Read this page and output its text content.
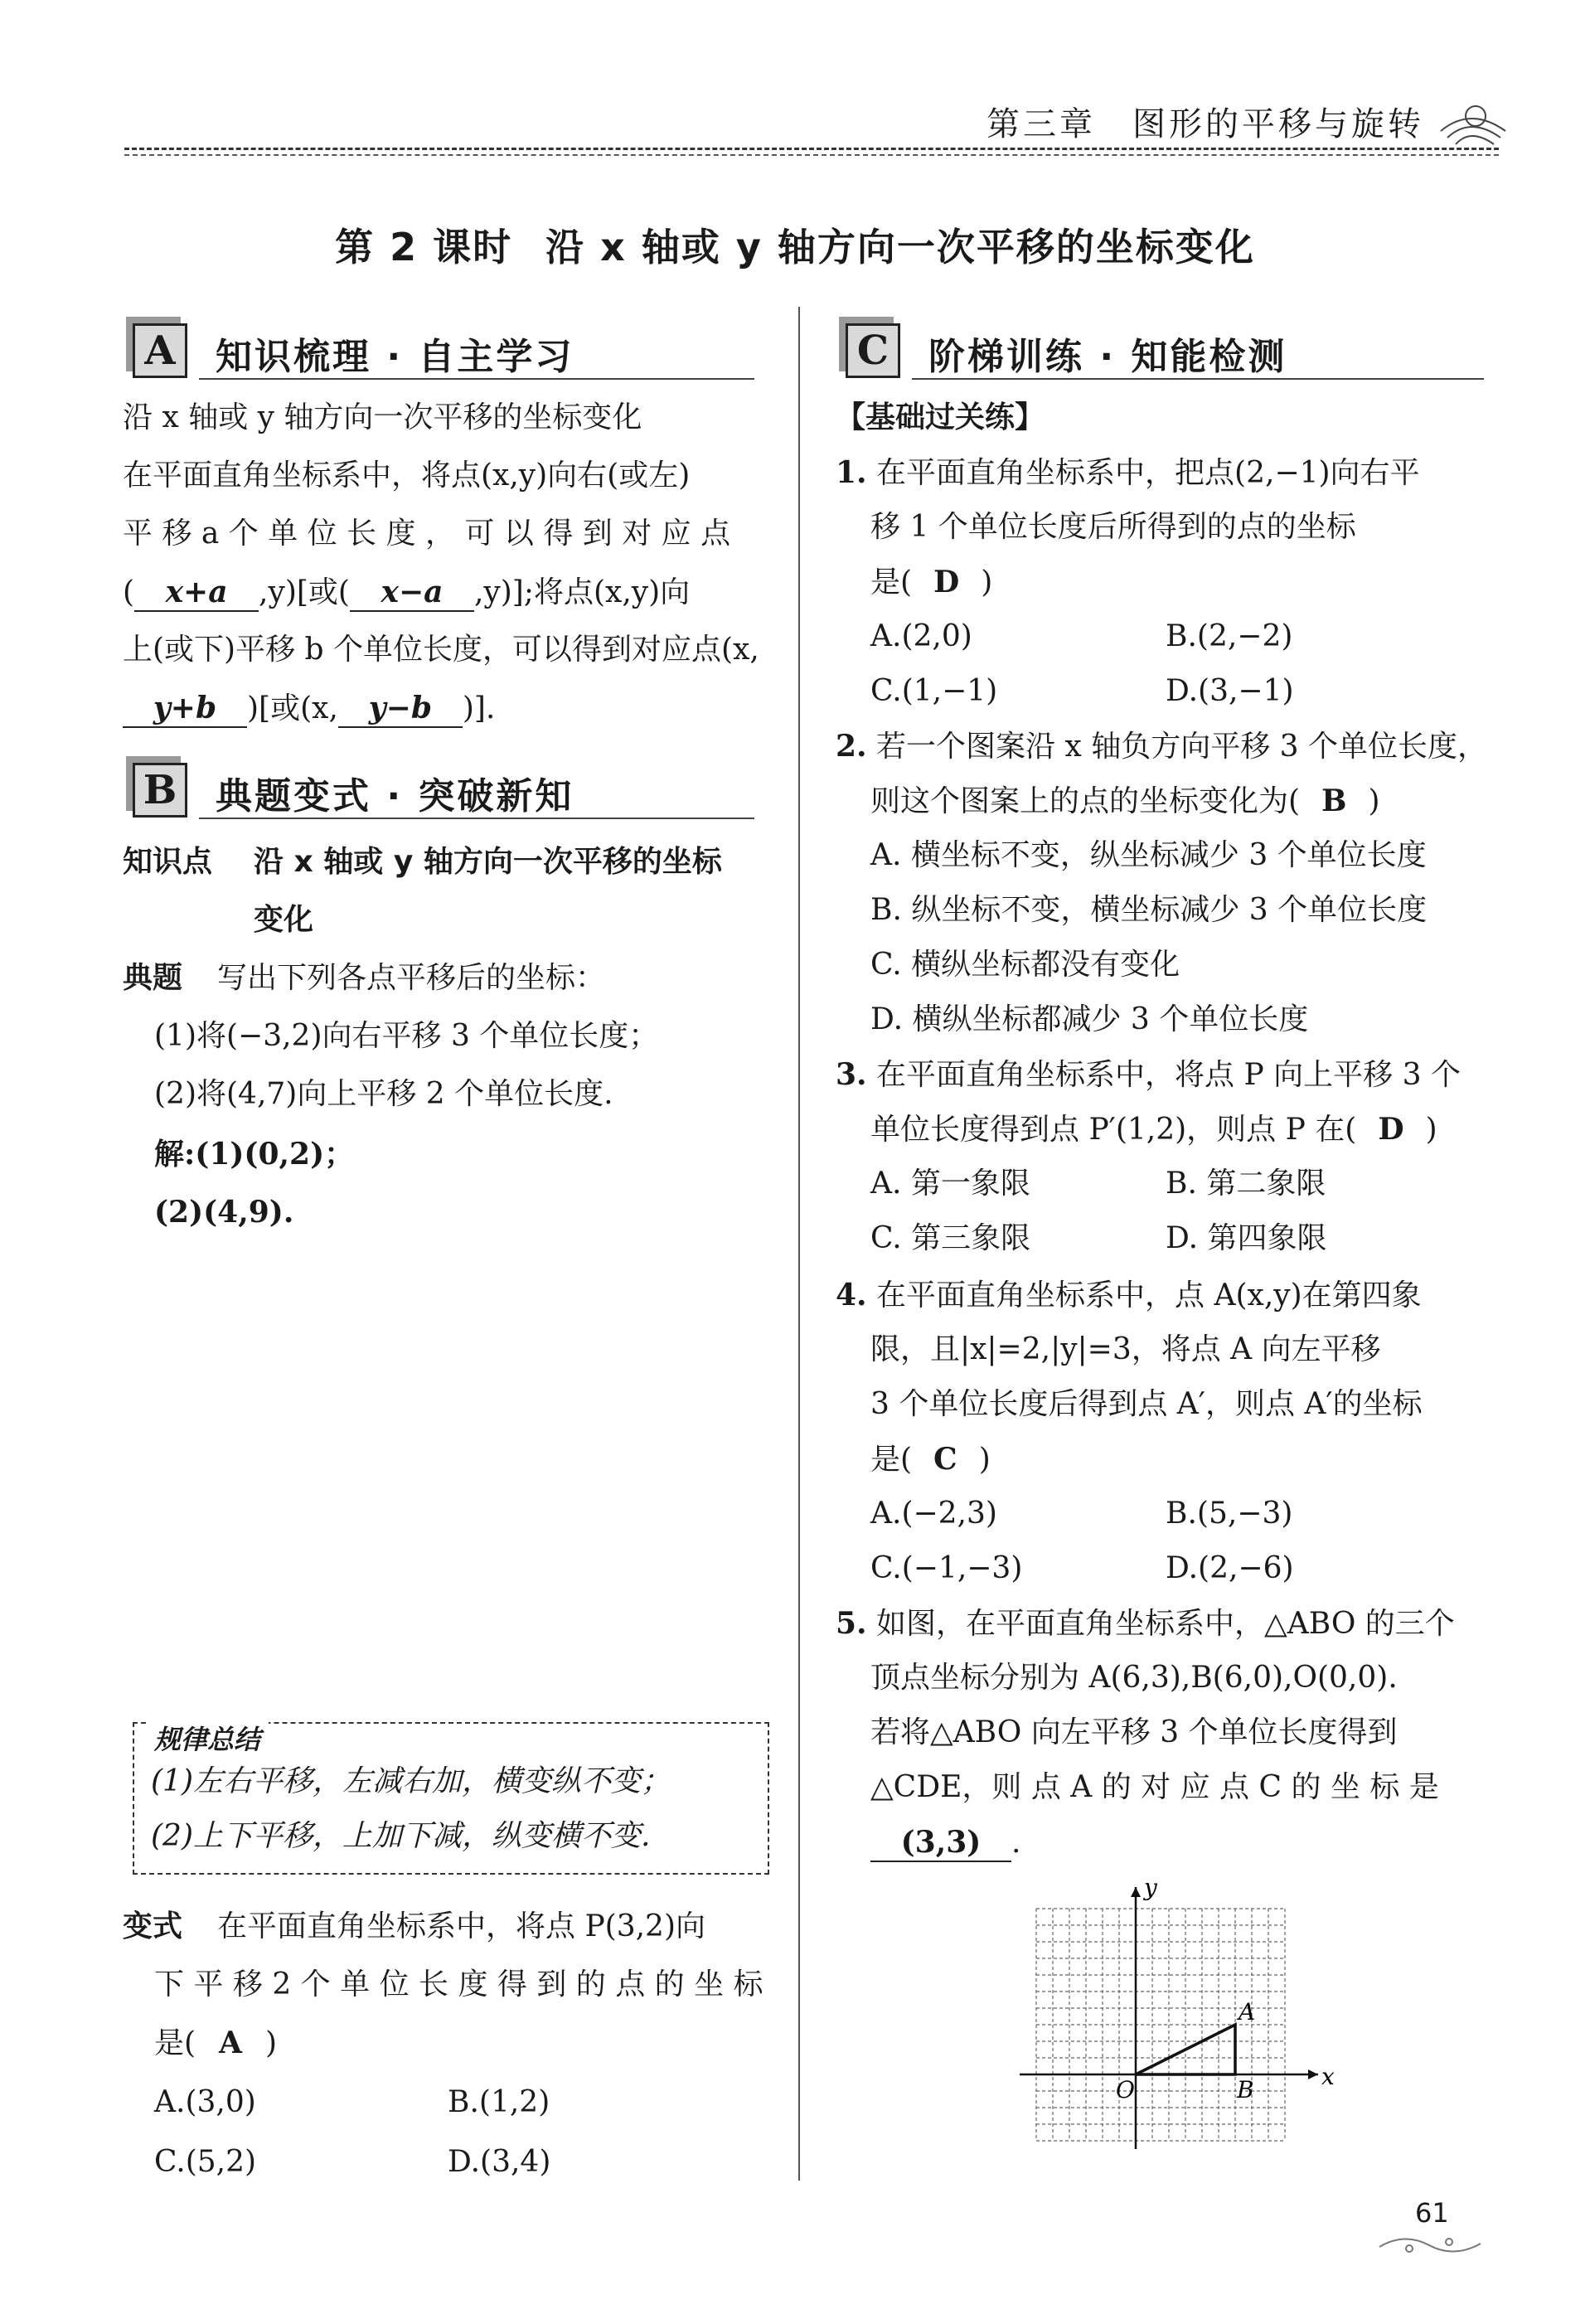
第三章　图形的平移与旋转
第 2 课时 沿 x 轴或 y 轴方向一次平移的坐标变化
A	知识梳理 · 自主学习
沿 x 轴或 y 轴方向一次平移的坐标变化
在平面直角坐标系中，将点(x,y)向右(或左)
平 移 a 个 单 位 长 度 ， 可 以 得 到 对 应 点
( x+a ,y)[或( x−a ,y)];将点(x,y)向
上(或下)平移 b 个单位长度，可以得到对应点(x,
y+b )[或(x, y−b )].
B 典题变式 · 突破新知
知识点 沿 x 轴或 y 轴方向一次平移的坐标
变化
典题 写出下列各点平移后的坐标：
(1)将(−3,2)向右平移 3 个单位长度；
(2)将(4,7)向上平移 2 个单位长度.
解:(1)(0,2)；
(2)(4,9).
规律总结
(1)左右平移，左减右加，横变纵不变；
(2)上下平移，上加下减，纵变横不变.
变式 在平面直角坐标系中，将点 P(3,2)向
下 平 移 2 个 单 位 长 度 得 到 的 点 的 坐 标
是( A )
A.(3,0)	B.(1,2)
C.(5,2)	D.(3,4)
C	阶梯训练 · 知能检测
【基础过关练】
1. 在平面直角坐标系中，把点(2,−1)向右平
移 1 个单位长度后所得到的点的坐标
是( D )
A.(2,0)	B.(2,−2)
C.(1,−1)	D.(3,−1)
2. 若一个图案沿 x 轴负方向平移 3 个单位长度，
则这个图案上的点的坐标变化为( B )
A. 横坐标不变，纵坐标减少 3 个单位长度
B. 纵坐标不变，横坐标减少 3 个单位长度
C. 横纵坐标都没有变化
D. 横纵坐标都减少 3 个单位长度
3. 在平面直角坐标系中，将点 P 向上平移 3 个
单位长度得到点 P′(1,2)，则点 P 在( D )
A. 第一象限	B. 第二象限
C. 第三象限	D. 第四象限
4. 在平面直角坐标系中，点 A(x,y)在第四象
限，且|x|=2,|y|=3，将点 A 向左平移
3 个单位长度后得到点 A′，则点 A′的坐标
是( C )
A.(−2,3)	B.(5,−3)
C.(−1,−3)	D.(2,−6)
5. 如图，在平面直角坐标系中，△ABO 的三个
顶点坐标分别为 A(6,3),B(6,0),O(0,0).
若将△ABO 向左平移 3 个单位长度得到
△CDE，则 点 A 的 对 应 点 C 的 坐 标 是
(3,3) .
x
y
A
B
O
61
